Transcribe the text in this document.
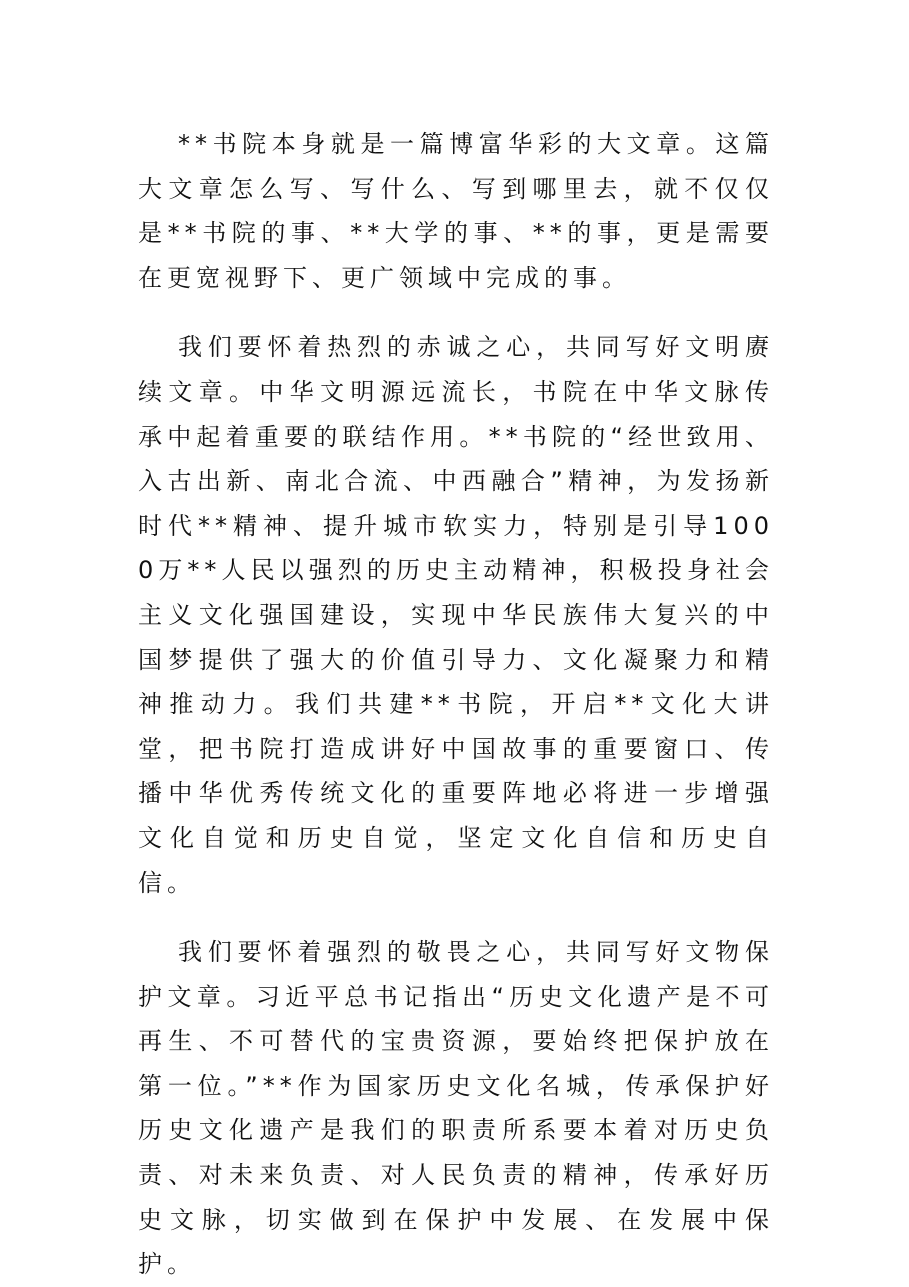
**书院本身就是一篇博富华彩的大文章。这篇大文章怎么写、写什么、写到哪里去，就不仅仅是**书院的事、**大学的事、**的事，更是需要在更宽视野下、更广领域中完成的事。

我们要怀着热烈的赤诚之心，共同写好文明赓续文章。中华文明源远流长，书院在中华文脉传承中起着重要的联结作用。**书院的“经世致用、入古出新、南北合流、中西融合”精神，为发扬新时代**精神、提升城市软实力，特别是引导1000万**人民以强烈的历史主动精神，积极投身社会主义文化强国建设，实现中华民族伟大复兴的中国梦提供了强大的价值引导力、文化凝聚力和精神推动力。我们共建**书院，开启**文化大讲堂，把书院打造成讲好中国故事的重要窗口、传播中华优秀传统文化的重要阵地必将进一步增强文化自觉和历史自觉，坚定文化自信和历史自信。

我们要怀着强烈的敬畏之心，共同写好文物保护文章。习近平总书记指出“历史文化遗产是不可再生、不可替代的宝贵资源，要始终把保护放在第一位。”**作为国家历史文化名城，传承保护好历史文化遗产是我们的职责所系要本着对历史负责、对未来负责、对人民负责的精神，传承好历史文脉，切实做到在保护中发展、在发展中保护。
